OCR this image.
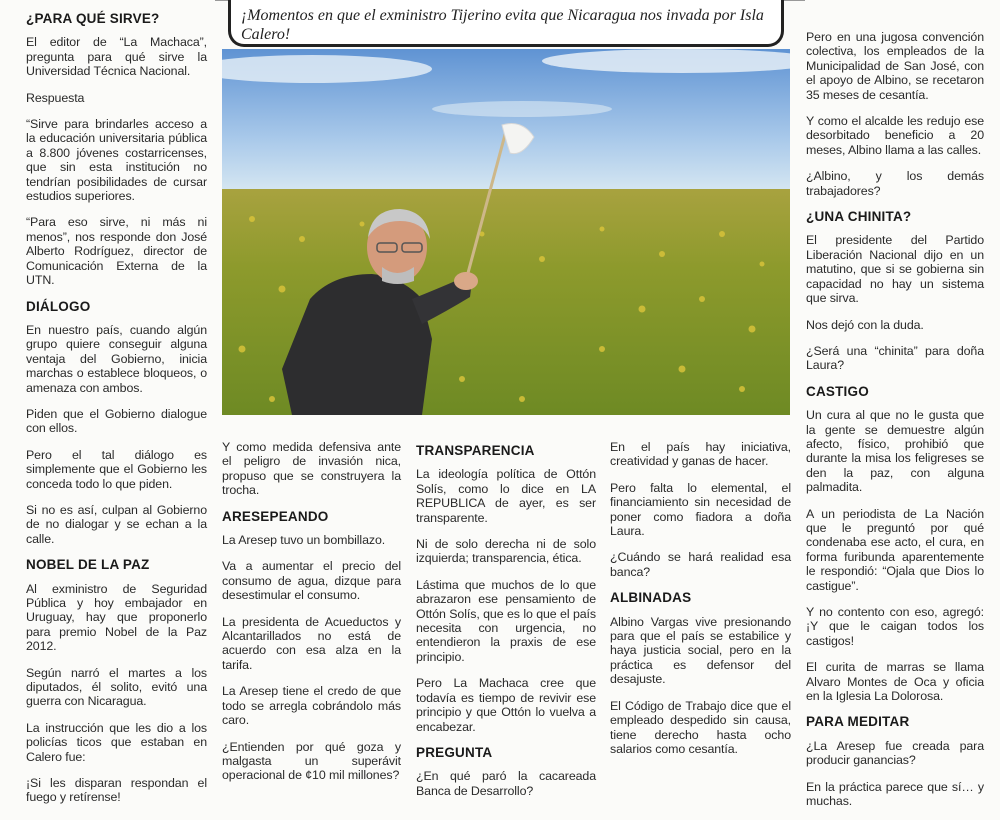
¡Momentos en que el exministro Tijerino evita que Nicaragua nos invada por Isla Calero!
¿PARA QUÉ SIRVE?

El editor de “La Machaca”, pregunta para qué sirve la Universidad Técnica Nacional.

Respuesta

“Sirve para brindarles acceso a la educación universitaria pública a 8.800 jóvenes costarricenses, que sin esta institución no tendrían posibilidades de cursar estudios superiores.

“Para eso sirve, ni más ni menos”, nos responde don José Alberto Rodríguez, director de Comunicación Externa de la UTN.

DIÁLOGO

En nuestro país, cuando algún grupo quiere conseguir alguna ventaja del Gobierno, inicia marchas o establece bloqueos, o amenaza con ambos.

Piden que el Gobierno dialogue con ellos.

Pero el tal diálogo es simplemente que el Gobierno les conceda todo lo que piden.

Si no es así, culpan al Gobierno de no dialogar y se echan a la calle.

NOBEL DE LA PAZ

Al exministro de Seguridad Pública y hoy embajador en Uruguay, hay que proponerlo para premio Nobel de la Paz 2012.

Según narró el martes a los diputados, él solito, evitó una guerra con Nicaragua.

La instrucción que les dio a los policías ticos que estaban en Calero fue:

¡Si les disparan respondan el fuego y retírense!

Y como medida defensiva ante el peligro de invasión nica, propuso que se construyera la trocha.

ARESEPEANDO

La Aresep tuvo un bombillazo.

Va a aumentar el precio del consumo de agua, dizque para desestimular el consumo.

La presidenta de Acueductos y Alcantarillados no está de acuerdo con esa alza en la tarifa.

La Aresep tiene el credo de que todo se arregla cobrándolo más caro.

¿Entienden por qué goza y malgasta un superávit operacional de ¢10 mil millones?

TRANSPARENCIA

La ideología política de Ottón Solís, como lo dice en LA REPUBLICA de ayer, es ser transparente.

Ni de solo derecha ni de solo izquierda; transparencia, ética.

Lástima que muchos de lo que abrazaron ese pensamiento de Ottón Solís, que es lo que el país necesita con urgencia, no entendieron la praxis de ese principio.

Pero La Machaca cree que todavía es tiempo de revivir ese principio y que Ottón lo vuelva a encabezar.

PREGUNTA

¿En qué paró la cacareada Banca de Desarrollo?

En el país hay iniciativa, creatividad y ganas de hacer.

Pero falta lo elemental, el financiamiento sin necesidad de poner como fiadora a doña Laura.

¿Cuándo se hará realidad esa banca?

ALBINADAS

Albino Vargas vive presionando para que el país se estabilice y haya justicia social, pero en la práctica es defensor del desajuste.

El Código de Trabajo dice que el empleado despedido sin causa, tiene derecho hasta ocho salarios como cesantía.

Pero en una jugosa convención colectiva, los empleados de la Municipalidad de San José, con el apoyo de Albino, se recetaron 35 meses de cesantía.

Y como el alcalde les redujo ese desorbitado beneficio a 20 meses, Albino llama a las calles.

¿Albino, y los demás trabajadores?

¿UNA CHINITA?

El presidente del Partido Liberación Nacional dijo en un matutino, que si se gobierna sin capacidad no hay un sistema que sirva.

Nos dejó con la duda.

¿Será una “chinita” para doña Laura?

CASTIGO

Un cura al que no le gusta que la gente se demuestre algún afecto, físico, prohibió que durante la misa los feligreses se den la paz, con alguna palmadita.

A un periodista de La Nación que le preguntó por qué condenaba ese acto, el cura, en forma furibunda aparentemente le respondió: “Ojala que Dios lo castigue”.

Y no contento con eso, agregó: ¡Y que le caigan todos los castigos!

El curita de marras se llama Alvaro Montes de Oca y oficia en la Iglesia La Dolorosa.

PARA MEDITAR

¿La Aresep fue creada para producir ganancias?

En la práctica parece que sí… y muchas.
